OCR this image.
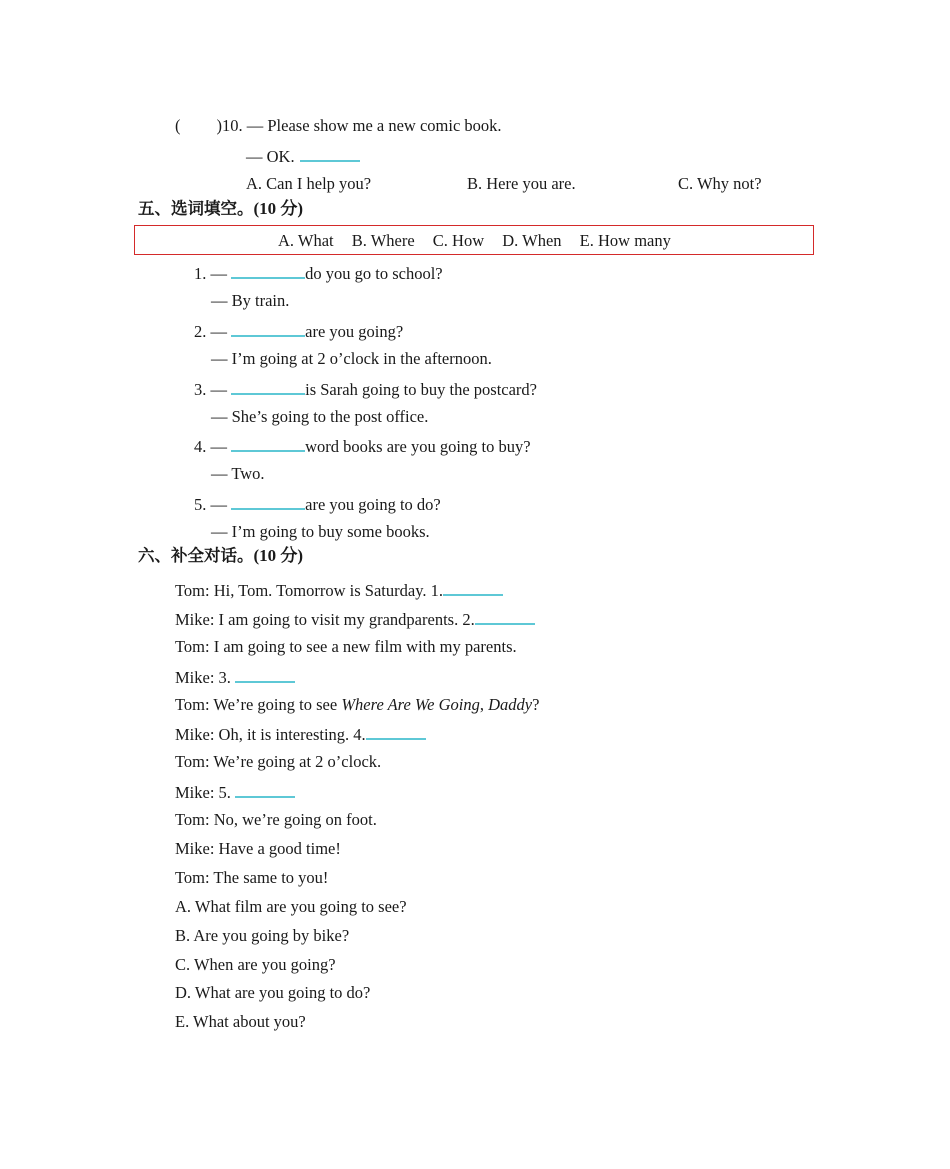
( )10. — Please show me a new comic book.
— OK.
A. Can I help you?	B. Here you are.	C. Why not?
五、选词填空。(10 分)
A. What B. Where C. How D. When E. How many
1. —	do you go to school?
— By train.
2. —	are you going?
— I’m going at 2 o’clock in the afternoon.
3. —	is Sarah going to buy the postcard?
— She’s going to the post office.
4. —	word books are you going to buy?
— Two.
5. —	are you going to do?
— I’m going to buy some books.
六、补全对话。(10 分)
Tom: Hi, Tom. Tomorrow is Saturday. 1.
Mike: I am going to visit my grandparents. 2.
Tom: I am going to see a new film with my parents.
Mike: 3.
Tom: We’re going to see Where Are We Going, Daddy?
Mike: Oh, it is interesting. 4.
Tom: We’re going at 2 o’clock.
Mike: 5.
Tom: No, we’re going on foot.
Mike: Have a good time!
Tom: The same to you!
A. What film are you going to see?
B. Are you going by bike?
C. When are you going?
D. What are you going to do?
E. What about you?
